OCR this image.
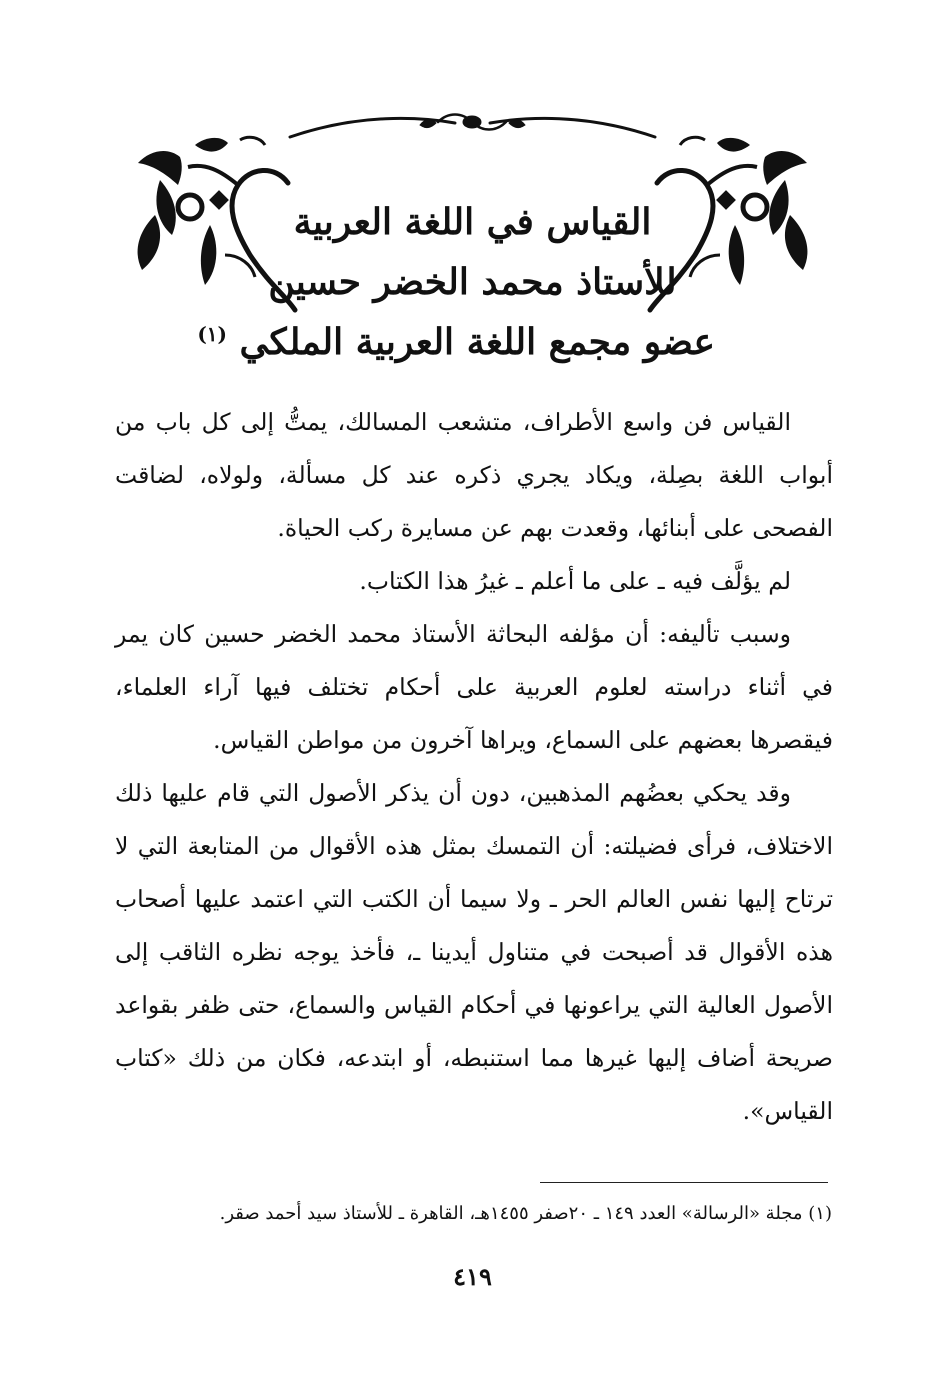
القياس في اللغة العربية
للأستاذ محمد الخضر حسين
عضو مجمع اللغة العربية الملكي $^{(١)}$

القياس فن واسع الأطراف، متشعب المسالك، يمتُّ إلى كل باب من أبواب اللغة بصِلة، ويكاد يجري ذكره عند كل مسألة، ولولاه، لضاقت الفصحى على أبنائها، وقعدت بهم عن مسايرة ركب الحياة.

لم يؤلَّف فيه ـ على ما أعلم ـ غيرُ هذا الكتاب.

وسبب تأليفه: أن مؤلفه البحاثة الأستاذ محمد الخضر حسين كان يمر في أثناء دراسته لعلوم العربية على أحكام تختلف فيها آراء العلماء، فيقصرها بعضهم على السماع، ويراها آخرون من مواطن القياس.

وقد يحكي بعضُهم المذهبين، دون أن يذكر الأصول التي قام عليها ذلك الاختلاف، فرأى فضيلته: أن التمسك بمثل هذه الأقوال من المتابعة التي لا ترتاح إليها نفس العالم الحر ـ ولا سيما أن الكتب التي اعتمد عليها أصحاب هذه الأقوال قد أصبحت في متناول أيدينا ـ، فأخذ يوجه نظره الثاقب إلى الأصول العالية التي يراعونها في أحكام القياس والسماع، حتى ظفر بقواعد صريحة أضاف إليها غيرها مما استنبطه، أو ابتدعه، فكان من ذلك «كتاب القياس».

(١) مجلة «الرسالة» العدد ١٤٩ ـ ٢٠صفر ١٤٥٥هـ، القاهرة ـ للأستاذ سيد أحمد صقر.
٤١٩
